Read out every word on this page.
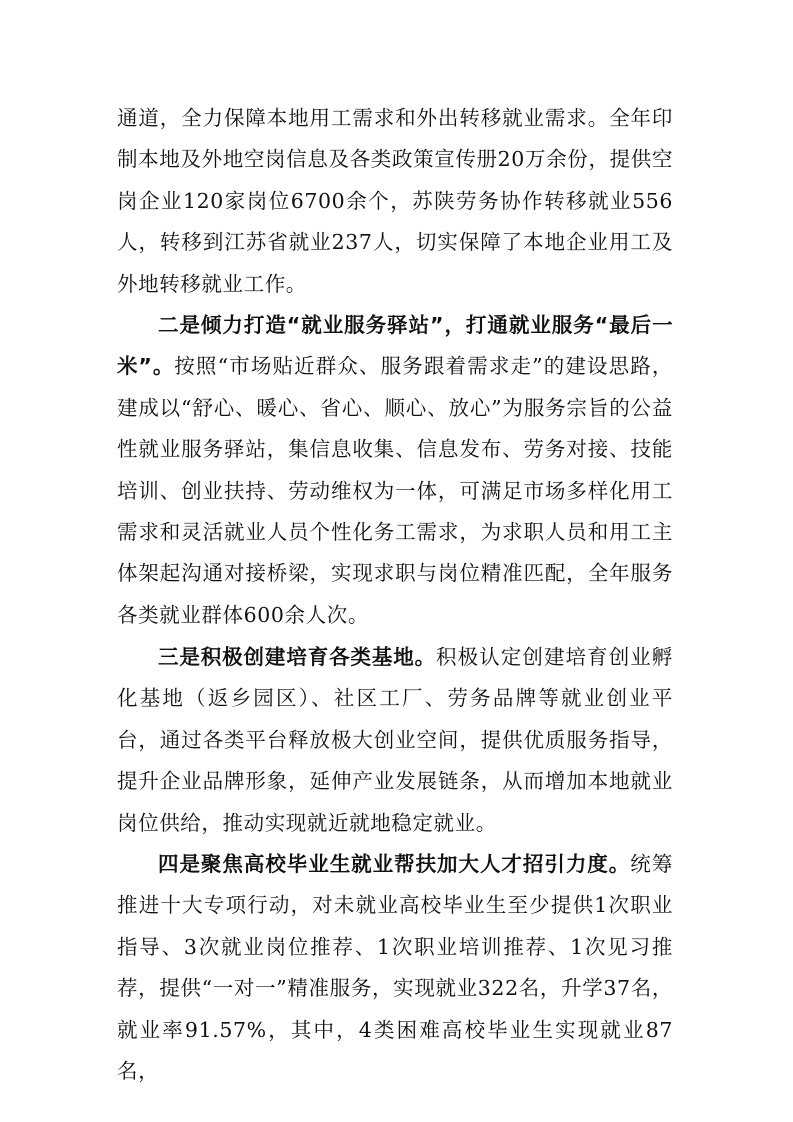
通道，全力保障本地用工需求和外出转移就业需求。全年印制本地及外地空岗信息及各类政策宣传册20万余份，提供空岗企业120家岗位6700余个，苏陕劳务协作转移就业556人，转移到江苏省就业237人，切实保障了本地企业用工及外地转移就业工作。

二是倾力打造“就业服务驿站”，打通就业服务“最后一米”。按照“市场贴近群众、服务跟着需求走”的建设思路，建成以“舒心、暖心、省心、顺心、放心”为服务宗旨的公益性就业服务驿站，集信息收集、信息发布、劳务对接、技能培训、创业扶持、劳动维权为一体，可满足市场多样化用工需求和灵活就业人员个性化务工需求，为求职人员和用工主体架起沟通对接桥梁，实现求职与岗位精准匹配，全年服务各类就业群体600余人次。

三是积极创建培育各类基地。积极认定创建培育创业孵化基地（返乡园区）、社区工厂、劳务品牌等就业创业平台，通过各类平台释放极大创业空间，提供优质服务指导，提升企业品牌形象，延伸产业发展链条，从而增加本地就业岗位供给，推动实现就近就地稳定就业。

四是聚焦高校毕业生就业帮扶加大人才招引力度。统筹推进十大专项行动，对未就业高校毕业生至少提供1次职业指导、3次就业岗位推荐、1次职业培训推荐、1次见习推荐，提供“一对一”精准服务，实现就业322名，升学37名，就业率91.57%，其中，4类困难高校毕业生实现就业87名，
